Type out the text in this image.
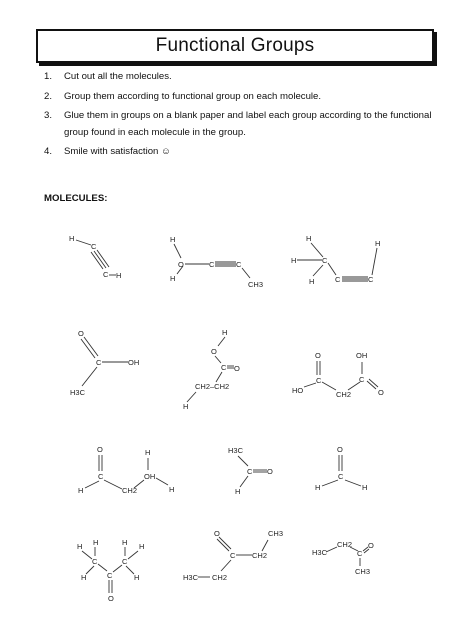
Functional Groups
1. Cut out all the molecules.
2. Group them according to functional group on each molecule.
3. Glue them in groups on a blank paper and label each group according to the functional group found in each molecule in the group.
4. Smile with satisfaction ☺
MOLECULES:
H
C
C H
H
O
H
C	C
CH3
H
H	C
H	C	C
H
O
C	OH
H3C
H
O
C O
CH2–CH2
H
O
C
HO	CH2
C
OH
O
O
C
H	CH2
OH
H
H
H3C
C O
H
O
C
H	H
H H
C
H	C
O
C
H H
H
O
C CH2
CH3
CH2
H3C
H3C
CH2
C
O
CH3
